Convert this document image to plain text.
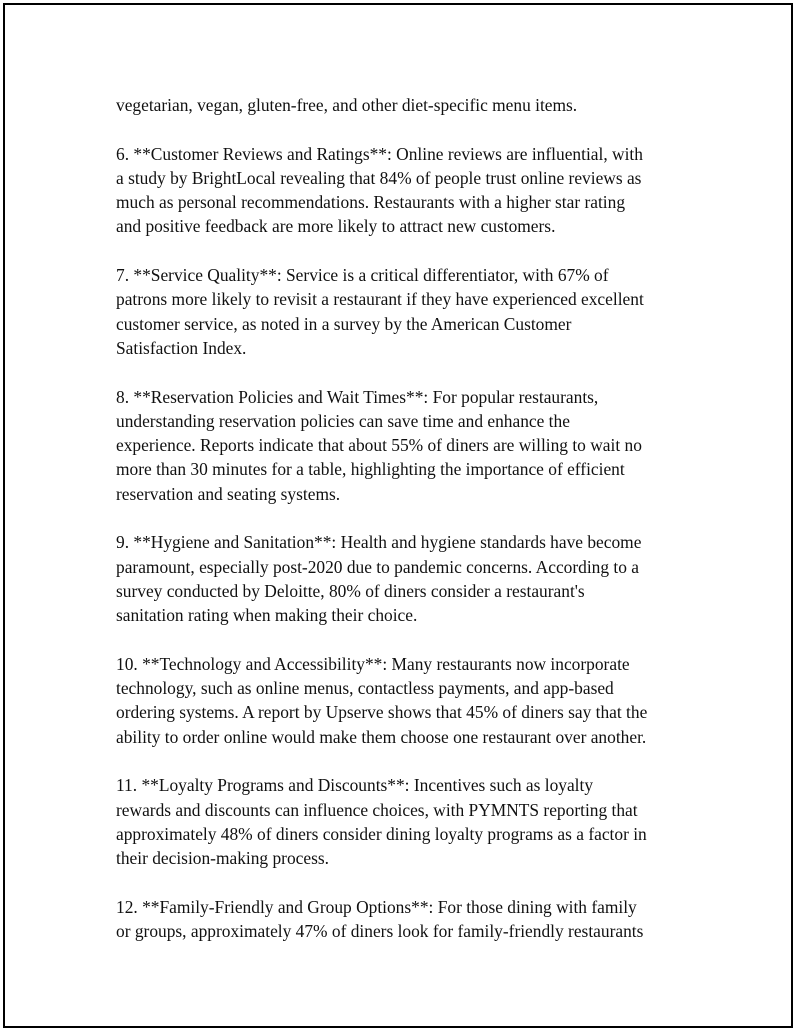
vegetarian, vegan, gluten-free, and other diet-specific menu items.

6. **Customer Reviews and Ratings**: Online reviews are influential, with
a study by BrightLocal revealing that 84% of people trust online reviews as
much as personal recommendations. Restaurants with a higher star rating
and positive feedback are more likely to attract new customers.

7. **Service Quality**: Service is a critical differentiator, with 67% of
patrons more likely to revisit a restaurant if they have experienced excellent
customer service, as noted in a survey by the American Customer
Satisfaction Index.

8. **Reservation Policies and Wait Times**: For popular restaurants,
understanding reservation policies can save time and enhance the
experience. Reports indicate that about 55% of diners are willing to wait no
more than 30 minutes for a table, highlighting the importance of efficient
reservation and seating systems.

9. **Hygiene and Sanitation**: Health and hygiene standards have become
paramount, especially post-2020 due to pandemic concerns. According to a
survey conducted by Deloitte, 80% of diners consider a restaurant's
sanitation rating when making their choice.

10. **Technology and Accessibility**: Many restaurants now incorporate
technology, such as online menus, contactless payments, and app-based
ordering systems. A report by Upserve shows that 45% of diners say that the
ability to order online would make them choose one restaurant over another.

11. **Loyalty Programs and Discounts**: Incentives such as loyalty
rewards and discounts can influence choices, with PYMNTS reporting that
approximately 48% of diners consider dining loyalty programs as a factor in
their decision-making process.

12. **Family-Friendly and Group Options**: For those dining with family
or groups, approximately 47% of diners look for family-friendly restaurants
